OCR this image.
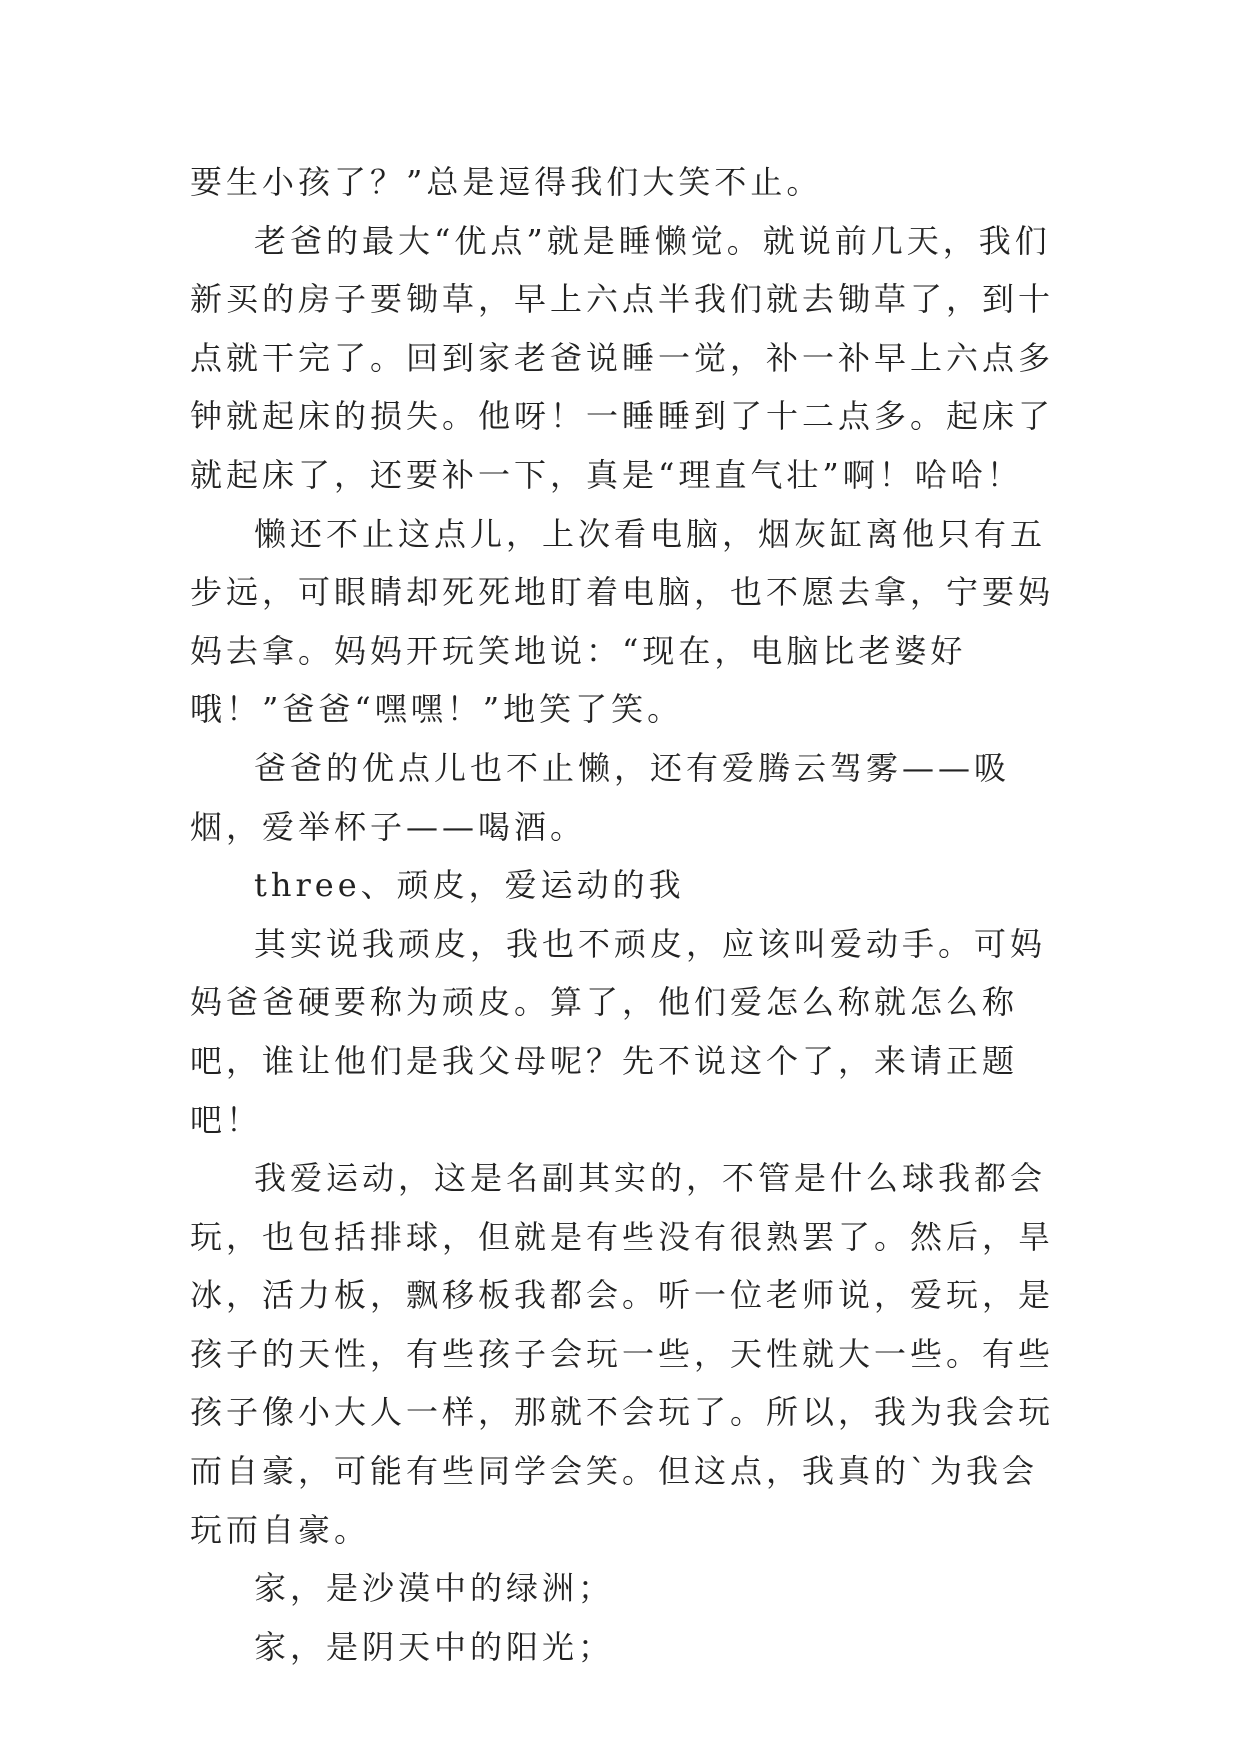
要生小孩了？”总是逗得我们大笑不止。

老爸的最大“优点”就是睡懒觉。就说前几天，我们新买的房子要锄草，早上六点半我们就去锄草了，到十点就干完了。回到家老爸说睡一觉，补一补早上六点多钟就起床的损失。他呀！一睡睡到了十二点多。起床了就起床了，还要补一下，真是“理直气壮”啊！哈哈！

懒还不止这点儿，上次看电脑，烟灰缸离他只有五步远，可眼睛却死死地盯着电脑，也不愿去拿，宁要妈妈去拿。妈妈开玩笑地说：“现在，电脑比老婆好哦！”爸爸“嘿嘿！”地笑了笑。

爸爸的优点儿也不止懒，还有爱腾云驾雾——吸烟，爱举杯子——喝酒。

three、顽皮，爱运动的我

其实说我顽皮，我也不顽皮，应该叫爱动手。可妈妈爸爸硬要称为顽皮。算了，他们爱怎么称就怎么称吧，谁让他们是我父母呢？先不说这个了，来请正题吧！

我爱运动，这是名副其实的，不管是什么球我都会玩，也包括排球，但就是有些没有很熟罢了。然后，旱冰，活力板，飘移板我都会。听一位老师说，爱玩，是孩子的天性，有些孩子会玩一些，天性就大一些。有些孩子像小大人一样，那就不会玩了。所以，我为我会玩而自豪，可能有些同学会笑。但这点，我真的`为我会玩而自豪。

家，是沙漠中的绿洲；

家，是阴天中的阳光；
